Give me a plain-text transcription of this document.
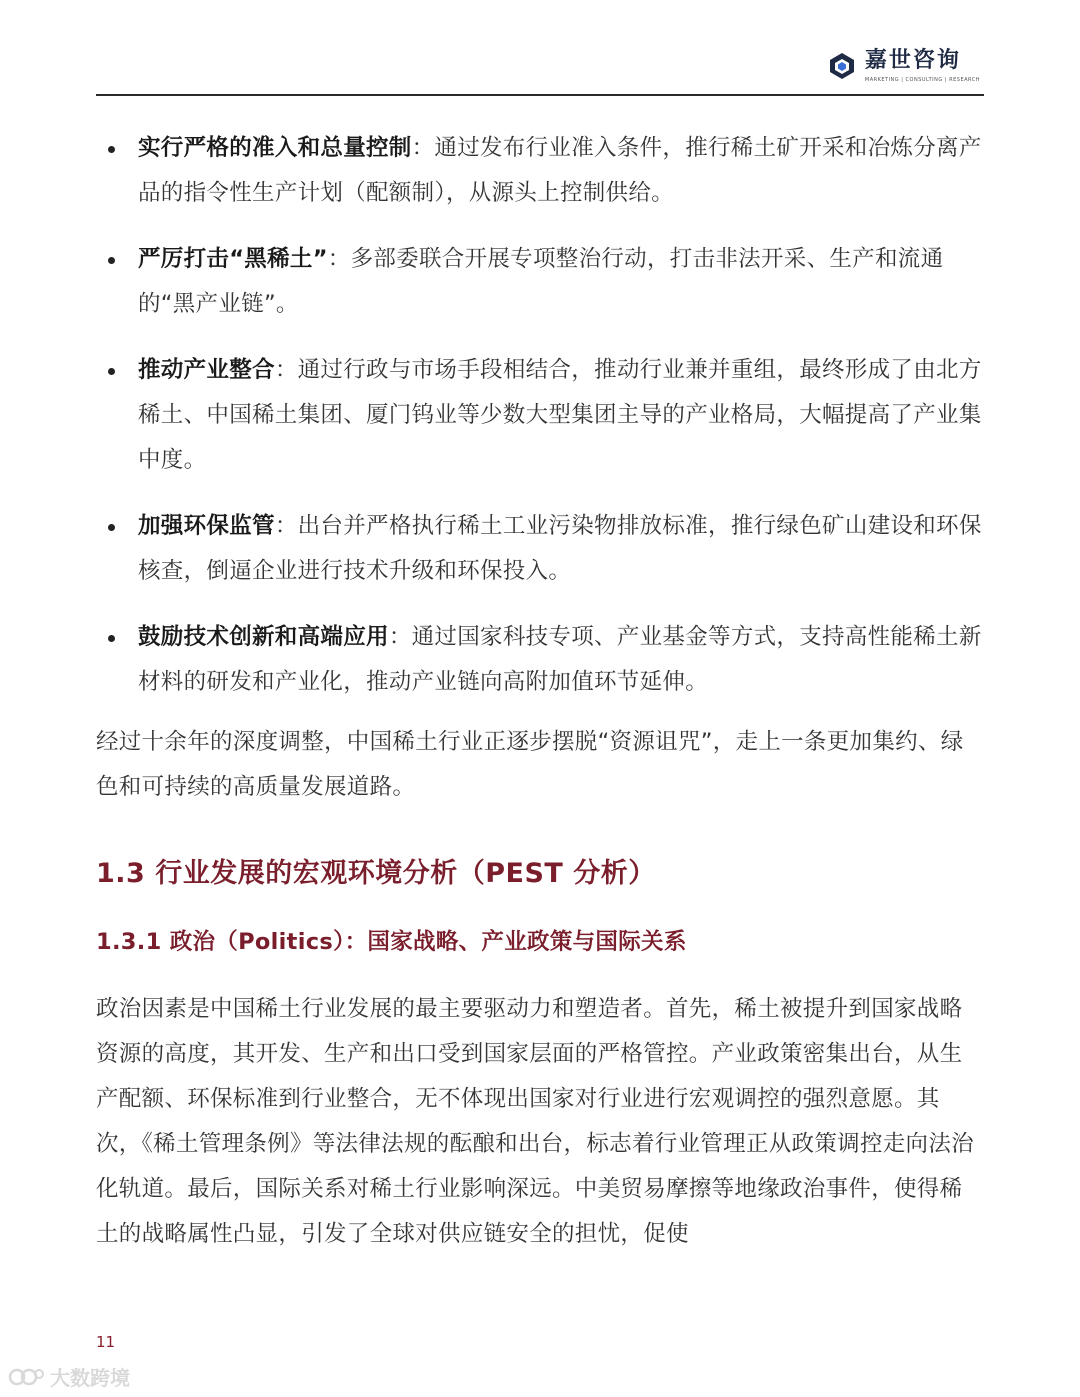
嘉世咨询
MARKETING | CONSULTING | RESEARCH
实行严格的准入和总量控制：通过发布行业准入条件，推行稀土矿开采和冶炼分离产品的指令性生产计划（配额制），从源头上控制供给。
严厉打击“黑稀土”：多部委联合开展专项整治行动，打击非法开采、生产和流通的“黑产业链”。
推动产业整合：通过行政与市场手段相结合，推动行业兼并重组，最终形成了由北方稀土、中国稀土集团、厦门钨业等少数大型集团主导的产业格局，大幅提高了产业集中度。
加强环保监管：出台并严格执行稀土工业污染物排放标准，推行绿色矿山建设和环保核查，倒逼企业进行技术升级和环保投入。
鼓励技术创新和高端应用：通过国家科技专项、产业基金等方式，支持高性能稀土新材料的研发和产业化，推动产业链向高附加值环节延伸。

经过十余年的深度调整，中国稀土行业正逐步摆脱“资源诅咒”，走上一条更加集约、绿色和可持续的高质量发展道路。

1.3 行业发展的宏观环境分析（PEST 分析）
1.3.1 政治（Politics）：国家战略、产业政策与国际关系

政治因素是中国稀土行业发展的最主要驱动力和塑造者。首先，稀土被提升到国家战略资源的高度，其开发、生产和出口受到国家层面的严格管控。产业政策密集出台，从生产配额、环保标准到行业整合，无不体现出国家对行业进行宏观调控的强烈意愿。其次，《稀土管理条例》等法律法规的酝酿和出台，标志着行业管理正从政策调控走向法治化轨道。最后，国际关系对稀土行业影响深远。中美贸易摩擦等地缘政治事件，使得稀土的战略属性凸显，引发了全球对供应链安全的担忧，促使

11
大数跨境
